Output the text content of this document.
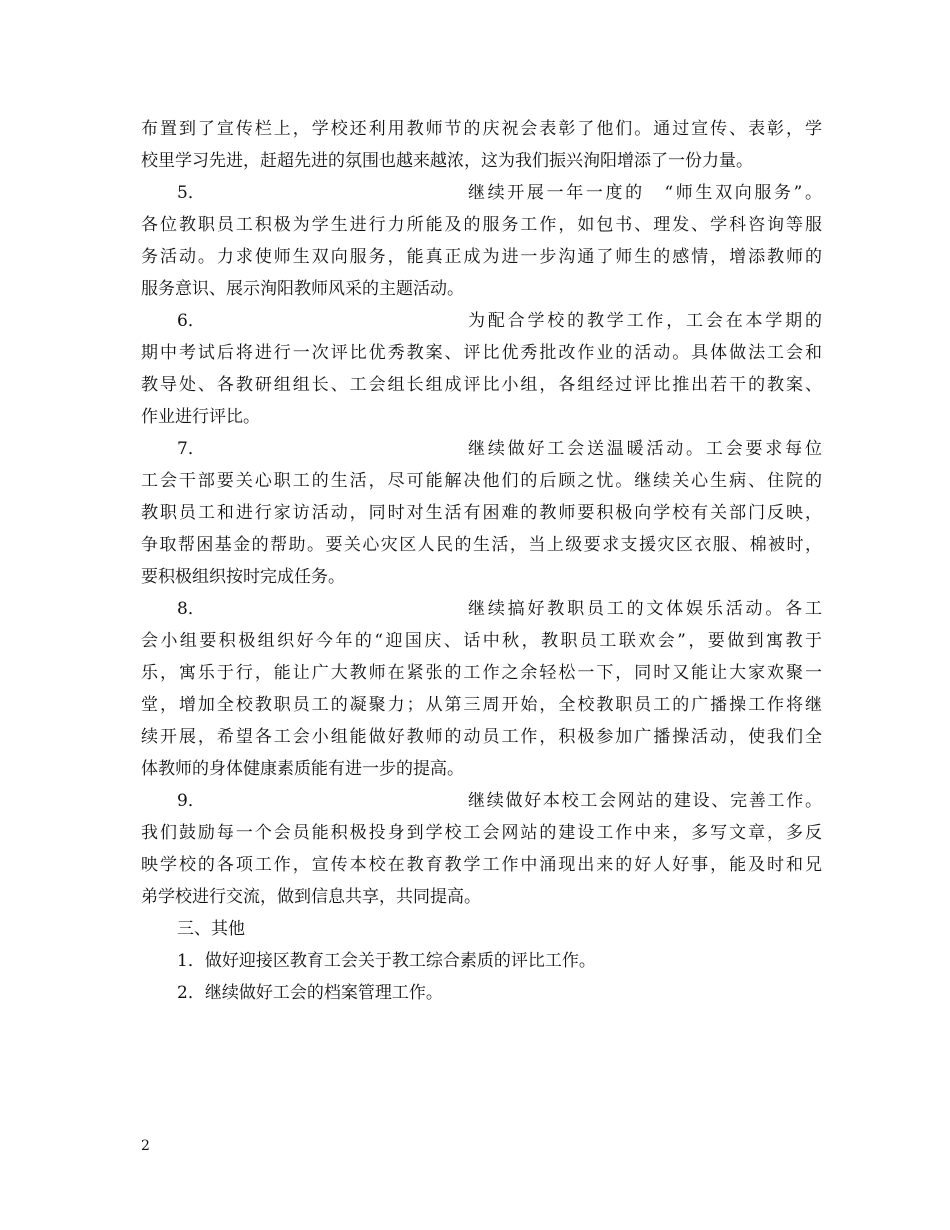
布置到了宣传栏上，学校还利用教师节的庆祝会表彰了他们。通过宣传、表彰，学
校里学习先进，赶超先进的氛围也越来越浓，这为我们振兴洵阳增添了一份力量。
5．	继续开展一年一度的　“师生双向服务”。
各位教职员工积极为学生进行力所能及的服务工作，如包书、理发、学科咨询等服
务活动。力求使师生双向服务，能真正成为进一步沟通了师生的感情，增添教师的
服务意识、展示洵阳教师风采的主题活动。
6．	为配合学校的教学工作，工会在本学期的
期中考试后将进行一次评比优秀教案、评比优秀批改作业的活动。具体做法工会和
教导处、各教研组组长、工会组长组成评比小组，各组经过评比推出若干的教案、
作业进行评比。
7．	继续做好工会送温暖活动。工会要求每位
工会干部要关心职工的生活，尽可能解决他们的后顾之忧。继续关心生病、住院的
教职员工和进行家访活动，同时对生活有困难的教师要积极向学校有关部门反映，
争取帮困基金的帮助。要关心灾区人民的生活，当上级要求支援灾区衣服、棉被时，
要积极组织按时完成任务。
8．	继续搞好教职员工的文体娱乐活动。各工
会小组要积极组织好今年的“迎国庆、话中秋，教职员工联欢会”，要做到寓教于
乐，寓乐于行，能让广大教师在紧张的工作之余轻松一下，同时又能让大家欢聚一
堂，增加全校教职员工的凝聚力；从第三周开始，全校教职员工的广播操工作将继
续开展，希望各工会小组能做好教师的动员工作，积极参加广播操活动，使我们全
体教师的身体健康素质能有进一步的提高。
9．	继续做好本校工会网站的建设、完善工作。
我们鼓励每一个会员能积极投身到学校工会网站的建设工作中来，多写文章，多反
映学校的各项工作，宣传本校在教育教学工作中涌现出来的好人好事，能及时和兄
弟学校进行交流，做到信息共享，共同提高。
三、其他
1．做好迎接区教育工会关于教工综合素质的评比工作。
2．继续做好工会的档案管理工作。
2
